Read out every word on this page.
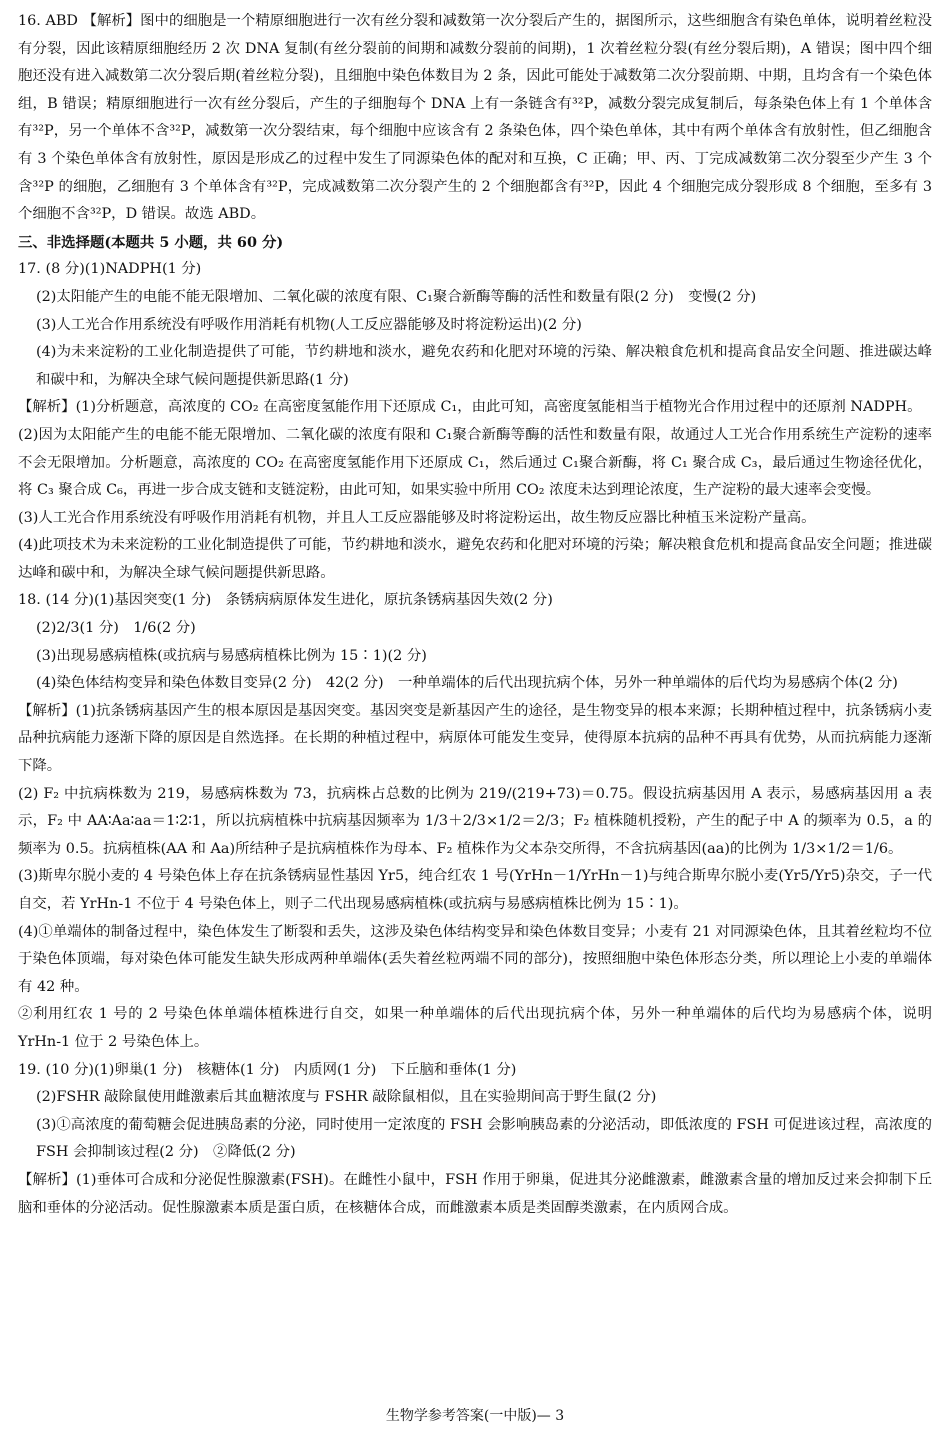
16. ABD 【解析】图中的细胞是一个精原细胞进行一次有丝分裂和减数第一次分裂后产生的，据图所示，这些细胞含有染色单体，说明着丝粒没有分裂，因此该精原细胞经历 2 次 DNA 复制(有丝分裂前的间期和减数分裂前的间期)，1 次着丝粒分裂(有丝分裂后期)，A 错误；图中四个细胞还没有进入减数第二次分裂后期(着丝粒分裂)，且细胞中染色体数目为 2 条，因此可能处于减数第二次分裂前期、中期，且均含有一个染色体组，B 错误；精原细胞进行一次有丝分裂后，产生的子细胞每个 DNA 上有一条链含有³²P，减数分裂完成复制后，每条染色体上有 1 个单体含有³²P，另一个单体不含³²P，减数第一次分裂结束，每个细胞中应该含有 2 条染色体，四个染色单体，其中有两个单体含有放射性，但乙细胞含有 3 个染色单体含有放射性，原因是形成乙的过程中发生了同源染色体的配对和互换，C 正确；甲、丙、丁完成减数第二次分裂至少产生 3 个含³²P 的细胞，乙细胞有 3 个单体含有³²P，完成减数第二次分裂产生的 2 个细胞都含有³²P，因此 4 个细胞完成分裂形成 8 个细胞，至多有 3 个细胞不含³²P，D 错误。故选 ABD。

三、非选择题(本题共 5 小题，共 60 分)

17. (8 分)(1)NADPH(1 分)

(2)太阳能产生的电能不能无限增加、二氧化碳的浓度有限、C₁聚合新酶等酶的活性和数量有限(2 分)　变慢(2 分)

(3)人工光合作用系统没有呼吸作用消耗有机物(人工反应器能够及时将淀粉运出)(2 分)

(4)为未来淀粉的工业化制造提供了可能，节约耕地和淡水，避免农药和化肥对环境的污染、解决粮食危机和提高食品安全问题、推进碳达峰和碳中和，为解决全球气候问题提供新思路(1 分)

【解析】(1)分析题意，高浓度的 CO₂ 在高密度氢能作用下还原成 C₁，由此可知，高密度氢能相当于植物光合作用过程中的还原剂 NADPH。

(2)因为太阳能产生的电能不能无限增加、二氧化碳的浓度有限和 C₁聚合新酶等酶的活性和数量有限，故通过人工光合作用系统生产淀粉的速率不会无限增加。分析题意，高浓度的 CO₂ 在高密度氢能作用下还原成 C₁，然后通过 C₁聚合新酶，将 C₁ 聚合成 C₃，最后通过生物途径优化，将 C₃ 聚合成 C₆，再进一步合成支链和支链淀粉，由此可知，如果实验中所用 CO₂ 浓度未达到理论浓度，生产淀粉的最大速率会变慢。

(3)人工光合作用系统没有呼吸作用消耗有机物，并且人工反应器能够及时将淀粉运出，故生物反应器比种植玉米淀粉产量高。

(4)此项技术为未来淀粉的工业化制造提供了可能，节约耕地和淡水，避免农药和化肥对环境的污染；解决粮食危机和提高食品安全问题；推进碳达峰和碳中和，为解决全球气候问题提供新思路。

18. (14 分)(1)基因突变(1 分)　条锈病病原体发生进化，原抗条锈病基因失效(2 分)

(2)2/3(1 分)　1/6(2 分)

(3)出现易感病植株(或抗病与易感病植株比例为 15∶1)(2 分)

(4)染色体结构变异和染色体数目变异(2 分)　42(2 分)　一种单端体的后代出现抗病个体，另外一种单端体的后代均为易感病个体(2 分)

【解析】(1)抗条锈病基因产生的根本原因是基因突变。基因突变是新基因产生的途径，是生物变异的根本来源；长期种植过程中，抗条锈病小麦品种抗病能力逐渐下降的原因是自然选择。在长期的种植过程中，病原体可能发生变异，使得原本抗病的品种不再具有优势，从而抗病能力逐渐下降。

(2) F₂ 中抗病株数为 219，易感病株数为 73，抗病株占总数的比例为 219/(219+73)＝0.75。假设抗病基因用 A 表示，易感病基因用 a 表示，F₂ 中 AA∶Aa∶aa＝1∶2∶1，所以抗病植株中抗病基因频率为 1/3＋2/3×1/2＝2/3；F₂ 植株随机授粉，产生的配子中 A 的频率为 0.5，a 的频率为 0.5。抗病植株(AA 和 Aa)所结种子是抗病植株作为母本、F₂ 植株作为父本杂交所得，不含抗病基因(aa)的比例为 1/3×1/2＝1/6。

(3)斯卑尔脱小麦的 4 号染色体上存在抗条锈病显性基因 Yr5，纯合红农 1 号(YrHn－1/YrHn－1)与纯合斯卑尔脱小麦(Yr5/Yr5)杂交，子一代自交，若 YrHn-1 不位于 4 号染色体上，则子二代出现易感病植株(或抗病与易感病植株比例为 15∶1)。

(4)①单端体的制备过程中，染色体发生了断裂和丢失，这涉及染色体结构变异和染色体数目变异；小麦有 21 对同源染色体，且其着丝粒均不位于染色体顶端，每对染色体可能发生缺失形成两种单端体(丢失着丝粒两端不同的部分)，按照细胞中染色体形态分类，所以理论上小麦的单端体有 42 种。

②利用红农 1 号的 2 号染色体单端体植株进行自交，如果一种单端体的后代出现抗病个体，另外一种单端体的后代均为易感病个体，说明 YrHn-1 位于 2 号染色体上。

19. (10 分)(1)卵巢(1 分)　核糖体(1 分)　内质网(1 分)　下丘脑和垂体(1 分)

(2)FSHR 敲除鼠使用雌激素后其血糖浓度与 FSHR 敲除鼠相似，且在实验期间高于野生鼠(2 分)

(3)①高浓度的葡萄糖会促进胰岛素的分泌，同时使用一定浓度的 FSH 会影响胰岛素的分泌活动，即低浓度的 FSH 可促进该过程，高浓度的 FSH 会抑制该过程(2 分)　②降低(2 分)

【解析】(1)垂体可合成和分泌促性腺激素(FSH)。在雌性小鼠中，FSH 作用于卵巢，促进其分泌雌激素，雌激素含量的增加反过来会抑制下丘脑和垂体的分泌活动。促性腺激素本质是蛋白质，在核糖体合成，而雌激素本质是类固醇类激素，在内质网合成。

生物学参考答案(一中版)— 3
